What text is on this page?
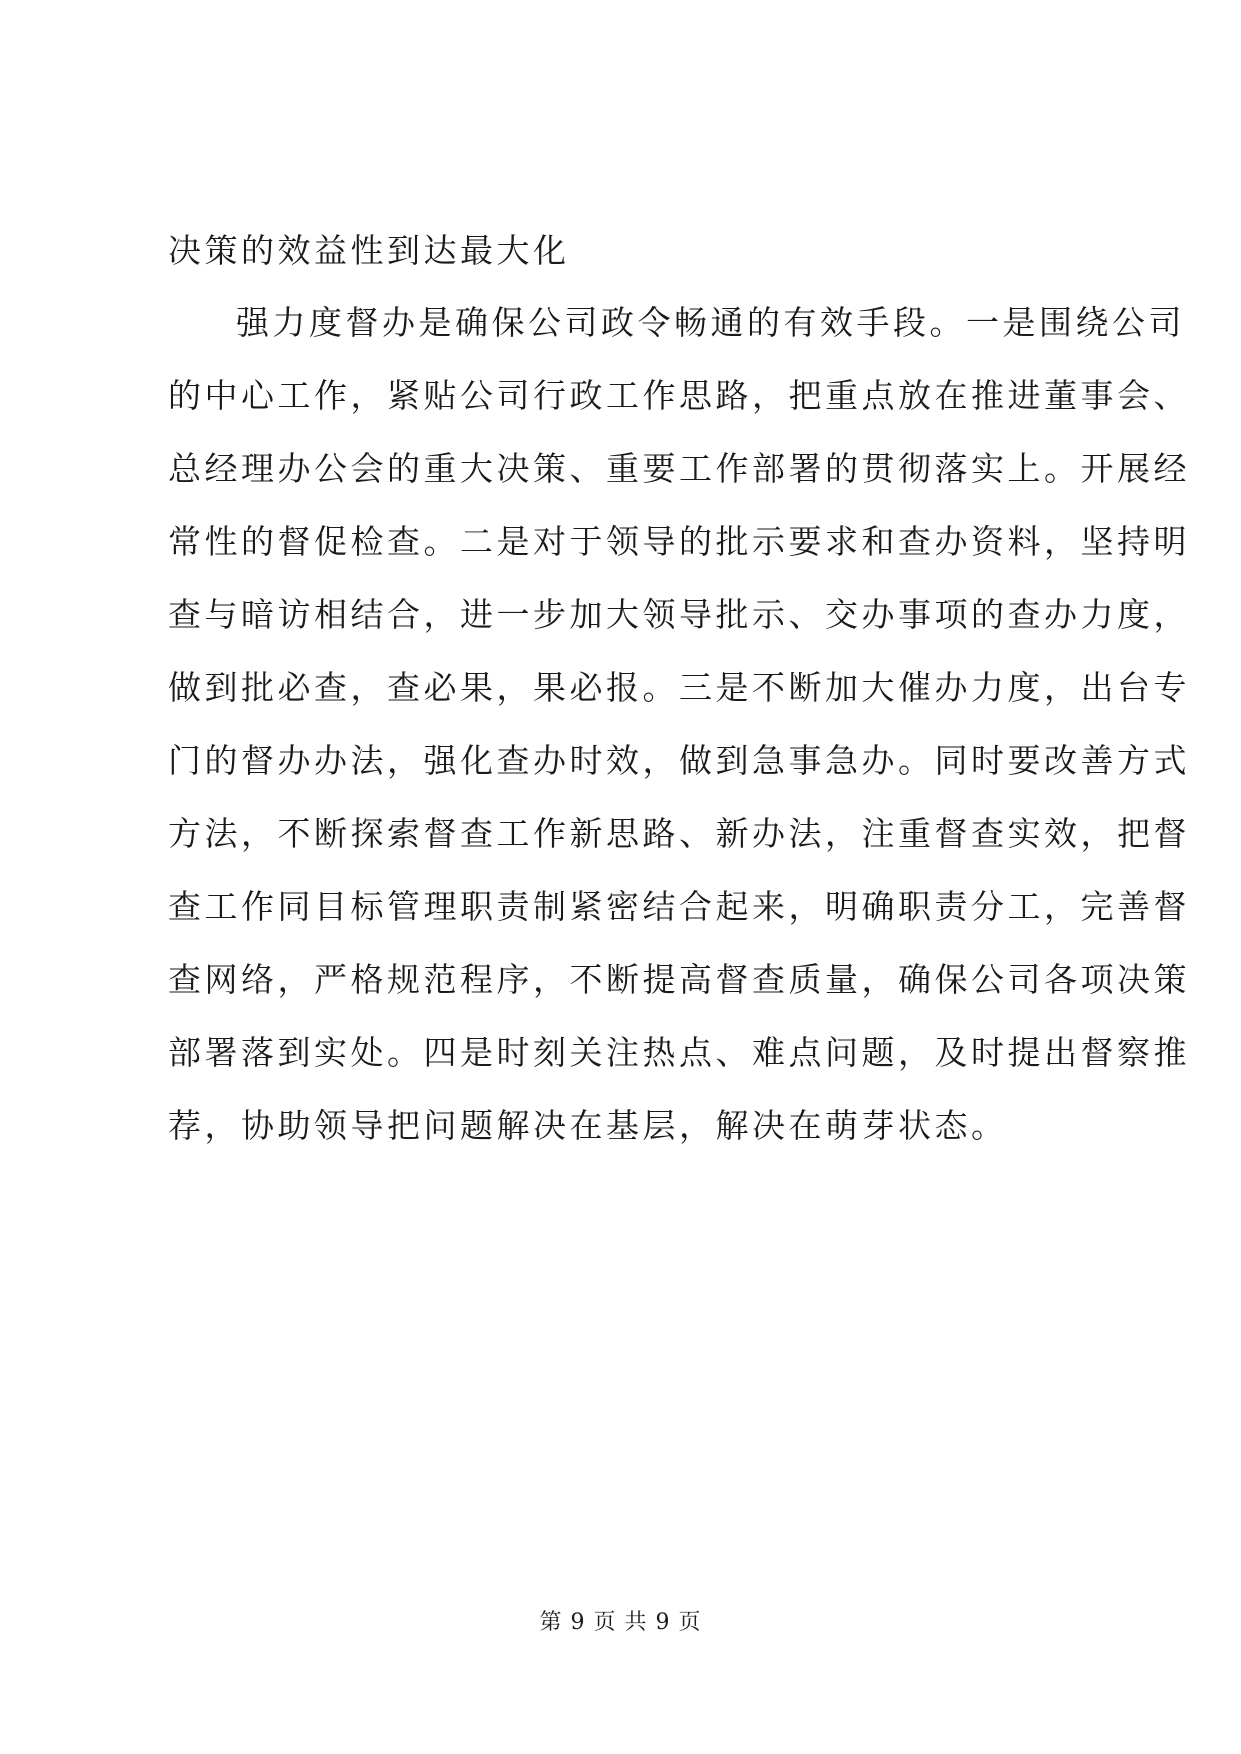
决策的效益性到达最大化
强力度督办是确保公司政令畅通的有效手段。一是围绕公司
的中心工作，紧贴公司行政工作思路，把重点放在推进董事会、
总经理办公会的重大决策、重要工作部署的贯彻落实上。开展经
常性的督促检查。二是对于领导的批示要求和查办资料，坚持明
查与暗访相结合，进一步加大领导批示、交办事项的查办力度，
做到批必查，查必果，果必报。三是不断加大催办力度，出台专
门的督办办法，强化查办时效，做到急事急办。同时要改善方式
方法，不断探索督查工作新思路、新办法，注重督查实效，把督
查工作同目标管理职责制紧密结合起来，明确职责分工，完善督
查网络，严格规范程序，不断提高督查质量，确保公司各项决策
部署落到实处。四是时刻关注热点、难点问题，及时提出督察推
荐，协助领导把问题解决在基层，解决在萌芽状态。
第 9 页 共 9 页
